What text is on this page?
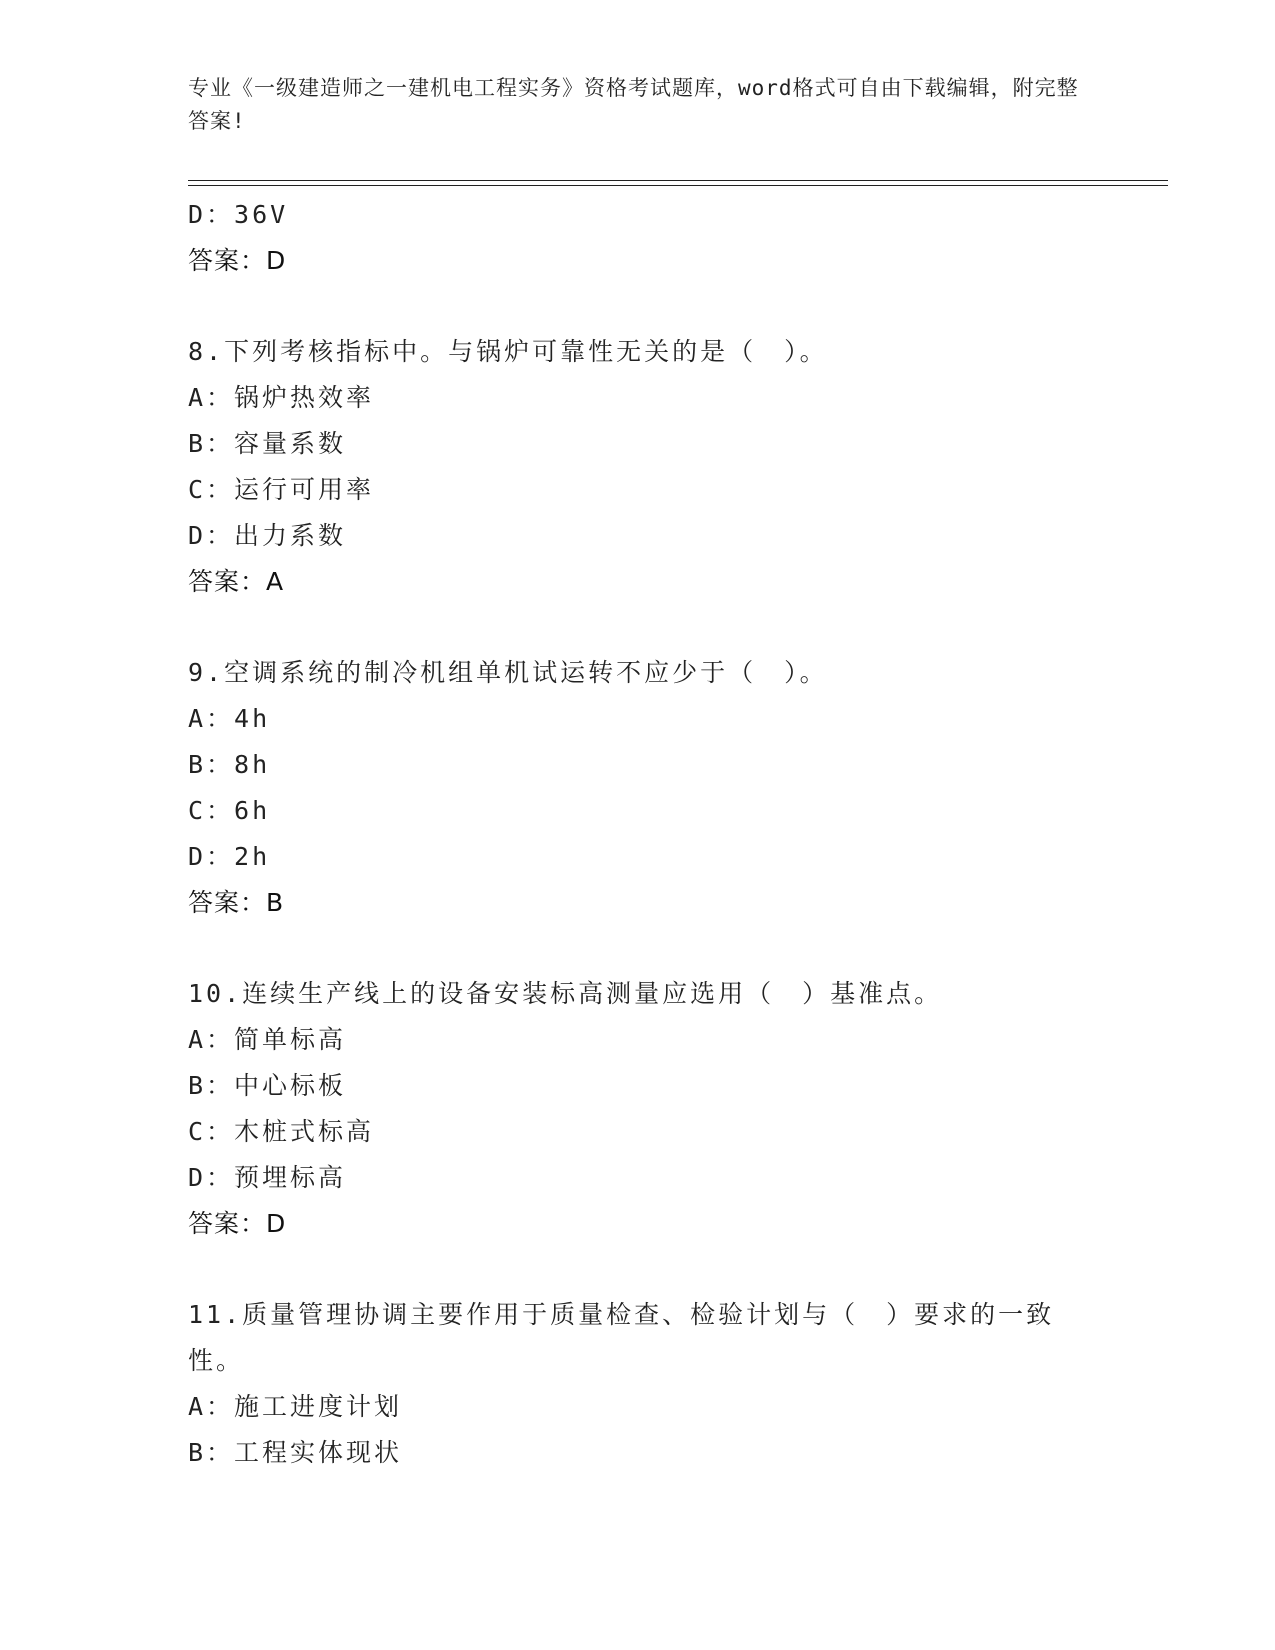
专业《一级建造师之一建机电工程实务》资格考试题库，word格式可自由下载编辑，附完整答案!
D：36V
答案：D
8.下列考核指标中。与锅炉可靠性无关的是（　）。
A：锅炉热效率
B：容量系数
C：运行可用率
D：出力系数
答案：A
9.空调系统的制冷机组单机试运转不应少于（　）。
A：4h
B：8h
C：6h
D：2h
答案：B
10.连续生产线上的设备安装标高测量应选用（　）基准点。
A：简单标高
B：中心标板
C：木桩式标高
D：预埋标高
答案：D
11.质量管理协调主要作用于质量检查、检验计划与（　）要求的一致性。
A：施工进度计划
B：工程实体现状
